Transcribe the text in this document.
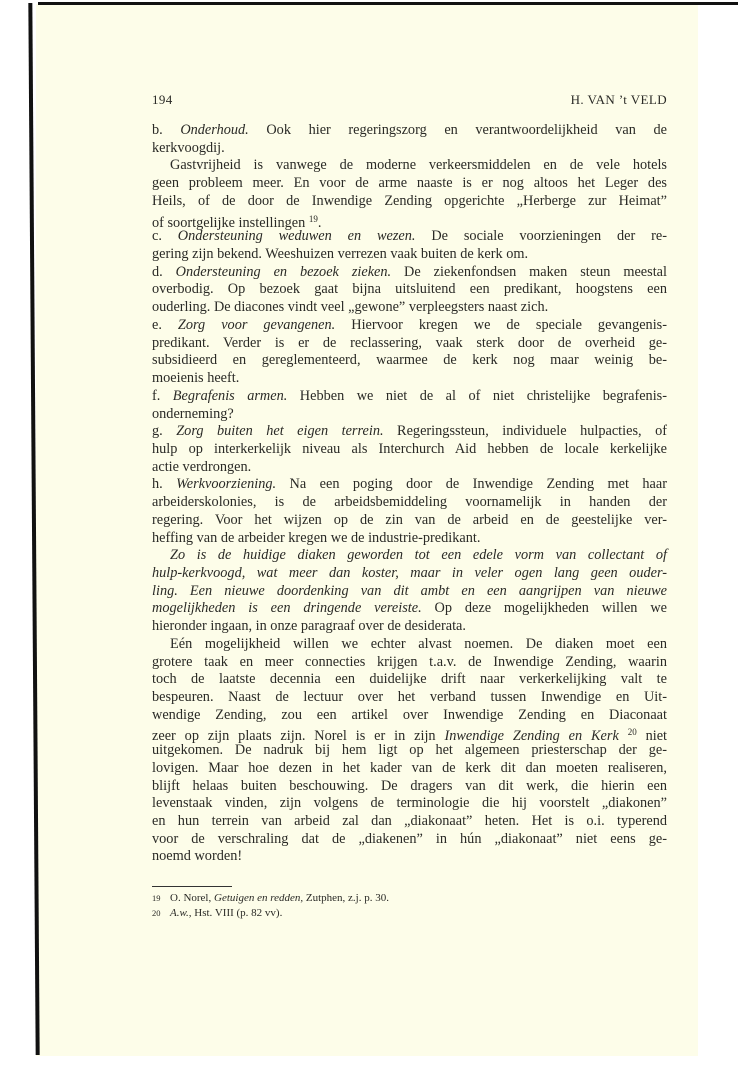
194	H. VAN ’t VELD
b. Onderhoud. Ook hier regeringszorg en verantwoordelijkheid van de
kerkvoogdij.
Gastvrijheid is vanwege de moderne verkeersmiddelen en de vele hotels
geen probleem meer. En voor de arme naaste is er nog altoos het Leger des
Heils, of de door de Inwendige Zending opgerichte „Herberge zur Heimat”
of soortgelijke instellingen $^{19}$.
c. Ondersteuning weduwen en wezen. De sociale voorzieningen der re-
gering zijn bekend. Weeshuizen verrezen vaak buiten de kerk om.
d. Ondersteuning en bezoek zieken. De ziekenfondsen maken steun meestal
overbodig. Op bezoek gaat bijna uitsluitend een predikant, hoogstens een
ouderling. De diacones vindt veel „gewone” verpleegsters naast zich.
e. Zorg voor gevangenen. Hiervoor kregen we de speciale gevangenis-
predikant. Verder is er de reclassering, vaak sterk door de overheid ge-
subsidieerd en gereglementeerd, waarmee de kerk nog maar weinig be-
moeienis heeft.
f. Begrafenis armen. Hebben we niet de al of niet christelijke begrafenis-
onderneming?
g. Zorg buiten het eigen terrein. Regeringssteun, individuele hulpacties, of
hulp op interkerkelijk niveau als Interchurch Aid hebben de locale kerkelijke
actie verdrongen.
h. Werkvoorziening. Na een poging door de Inwendige Zending met haar
arbeiderskolonies, is de arbeidsbemiddeling voornamelijk in handen der
regering. Voor het wijzen op de zin van de arbeid en de geestelijke ver-
heffing van de arbeider kregen we de industrie-predikant.
Zo is de huidige diaken geworden tot een edele vorm van collectant of
hulp-kerkvoogd, wat meer dan koster, maar in veler ogen lang geen ouder-
ling. Een nieuwe doordenking van dit ambt en een aangrijpen van nieuwe
mogelijkheden is een dringende vereiste. Op deze mogelijkheden willen we
hieronder ingaan, in onze paragraaf over de desiderata.
Eén mogelijkheid willen we echter alvast noemen. De diaken moet een
grotere taak en meer connecties krijgen t.a.v. de Inwendige Zending, waarin
toch de laatste decennia een duidelijke drift naar verkerkelijking valt te
bespeuren. Naast de lectuur over het verband tussen Inwendige en Uit-
wendige Zending, zou een artikel over Inwendige Zending en Diaconaat
zeer op zijn plaats zijn. Norel is er in zijn Inwendige Zending en Kerk $^{20}$ niet
uitgekomen. De nadruk bij hem ligt op het algemeen priesterschap der ge-
lovigen. Maar hoe dezen in het kader van de kerk dit dan moeten realiseren,
blijft helaas buiten beschouwing. De dragers van dit werk, die hierin een
levenstaak vinden, zijn volgens de terminologie die hij voorstelt „diakonen”
en hun terrein van arbeid zal dan „diakonaat” heten. Het is o.i. typerend
voor de verschraling dat de „diakenen” in hún „diakonaat” niet eens ge-
noemd worden!
19 O. Norel, Getuigen en redden, Zutphen, z.j. p. 30.
20 A.w., Hst. VIII (p. 82 vv).
